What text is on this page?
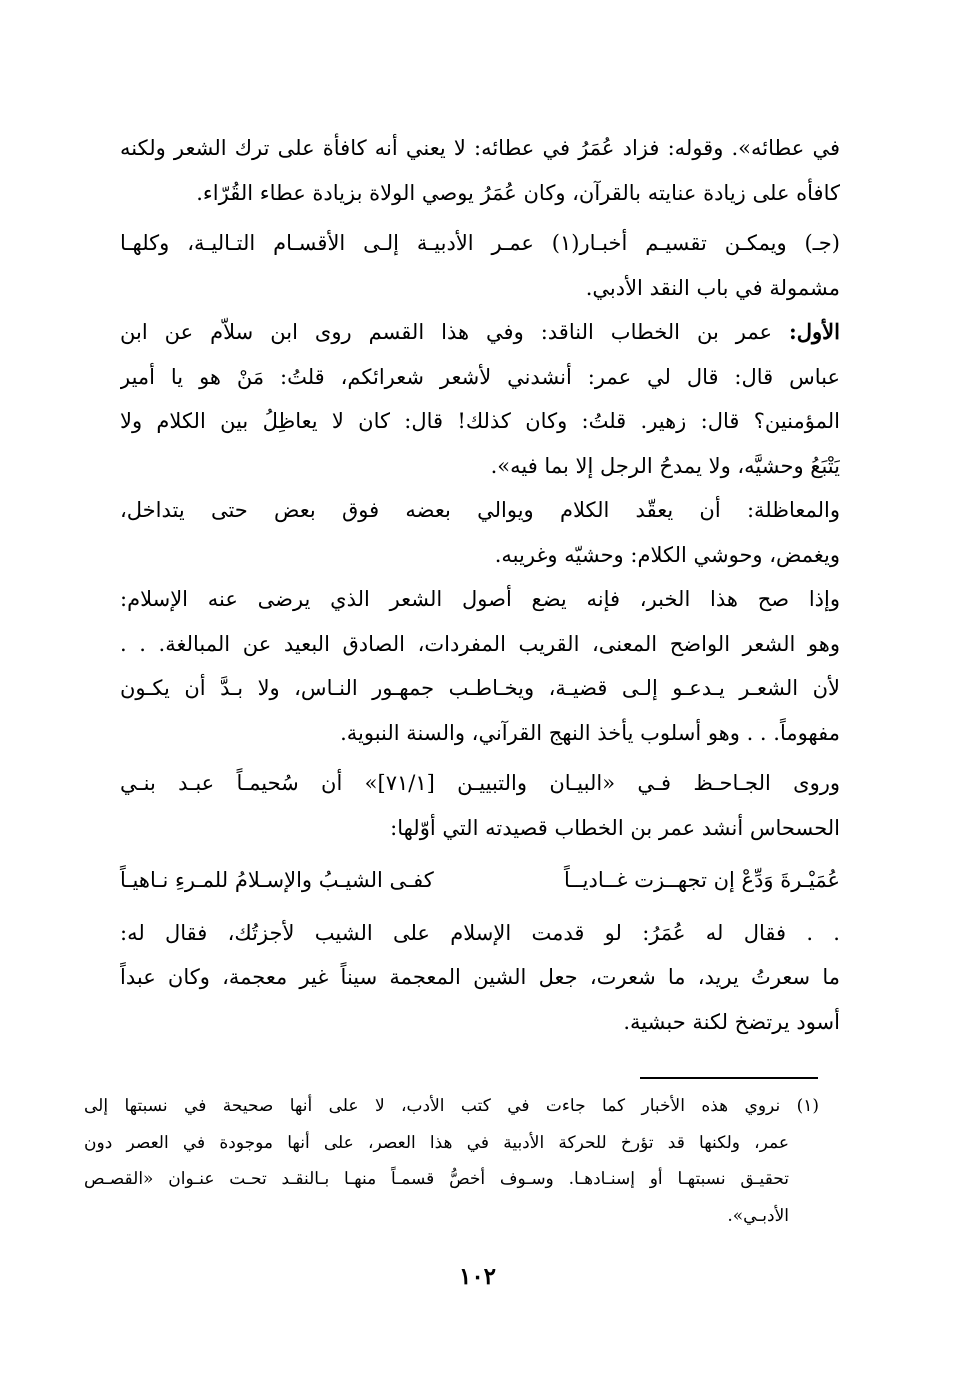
في عطائه». وقوله: فزاد عُمَرُ في عطائه: لا يعني أنه كافأة على ترك الشعر ولكنه
كافأه على زيادة عنايته بالقرآن، وكان عُمَرُ يوصي الولاة بزيادة عطاء القُرّاء.
(جـ) ويمكـن تقسيـم أخبـار(١) عمـر الأدبيـة إلـى الأقسـام التـاليـة، وكلهـا
مشمولة في باب النقد الأدبي.
الأول: عمر بن الخطاب الناقد: وفي هذا القسم روى ابن سلاّم عن ابن
عباس قال: قال لي عمر: أنشدني لأشعر شعرائكم، قلتُ: مَنْ هو يا أمير
المؤمنين؟ قال: زهير. قلتُ: وكان كذلك! قال: كان لا يعاظِلُ بين الكلام ولا
يَتْبَعُ وحشيَّه، ولا يمدحُ الرجل إلا بما فيه».
والمعاظلة: أن يعقّد الكلام ويوالي بعضه فوق بعض حتى يتداخل،
ويغمض، وحوشي الكلام: وحشيّه وغريبه.
وإذا صح هذا الخبر، فإنه يضع أصول الشعر الذي يرضى عنه الإسلام:
وهو الشعر الواضح المعنى، القريب المفردات، الصادق البعيد عن المبالغة. . .
لأن الشعـر يـدعـو إلـى قضيـة، ويخـاطـب جمهـور النـاس، ولا بـدَّ أن يكـون
مفهوماً. . . وهو أسلوب يأخذ النهج القرآني، والسنة النبوية.
وروى الجـاحـظ فـي «البيـان والتبييـن [٧١/١]» أن سُحيمـاً عبـد بنـي
الحسحاس أنشد عمر بن الخطاب قصيدته التي أوّلها:
عُمَيْـرةَ وَدِّعْ إن تجهــزت غــاديــاً
كفـى الشيـبُ والإسـلامُ للمـرءِ نـاهيـاً
. . فقال له عُمَرُ: لو قدمت الإسلام على الشيب لأجزتُك، فقال له:
ما سعرتُ يريد، ما شعرت، جعل الشين المعجمة سيناً غير معجمة، وكان عبداً
أسود يرتضخ لكنة حبشية.
(١) نروي هذه الأخبار كما جاءت في كتب الأدب، لا على أنها صحيحة في نسبتها إلى
عمر، ولكنها قد تؤرخ للحركة الأدبية في هذا العصر، على أنها موجودة في العصر دون
تحقيـق نسبتهـا أو إسنـادهـا. وسـوف أخصُّ قسمـاً منهـا بـالنقـد تحـت عنـوان «القصـص
الأدبـي».
١٠٢
